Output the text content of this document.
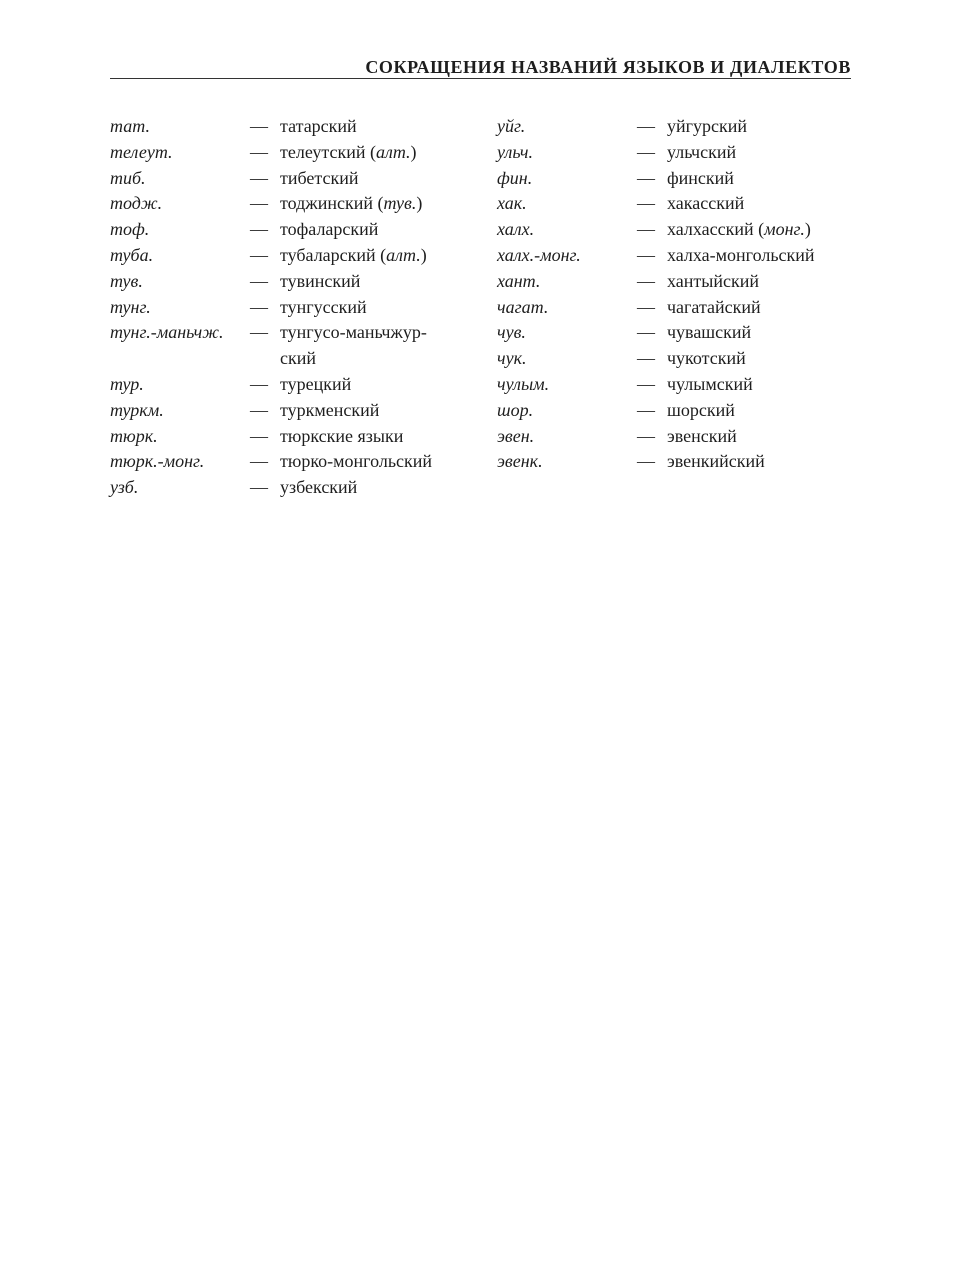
СОКРАЩЕНИЯ НАЗВАНИЙ ЯЗЫКОВ И ДИАЛЕКТОВ
тат.	— татарский
телеут.	— телеутский (алт.)
тиб.	— тибетский
тодж.	— тоджинский (тув.)
тоф.	— тофаларский
туба.	— тубаларский (алт.)
тув.	— тувинский
тунг.	— тунгусский
тунг.-маньчж.	— тунгусо-маньчжур-
ский
тур.	— турецкий
туркм.	— туркменский
тюрк.	— тюркские языки
тюрк.-монг.	— тюрко-монгольский
узб.	— узбекский
уйг.	— уйгурский
ульч.	— ульчский
фин.	— финский
хак.	— хакасский
халх.	— халхасский (монг.)
халх.-монг.	— халха-монгольский
хант.	— хантыйский
чагат.	— чагатайский
чув.	— чувашский
чук.	— чукотский
чулым.	— чулымский
шор.	— шорский
эвен.	— эвенский
эвенк.	— эвенкийский
